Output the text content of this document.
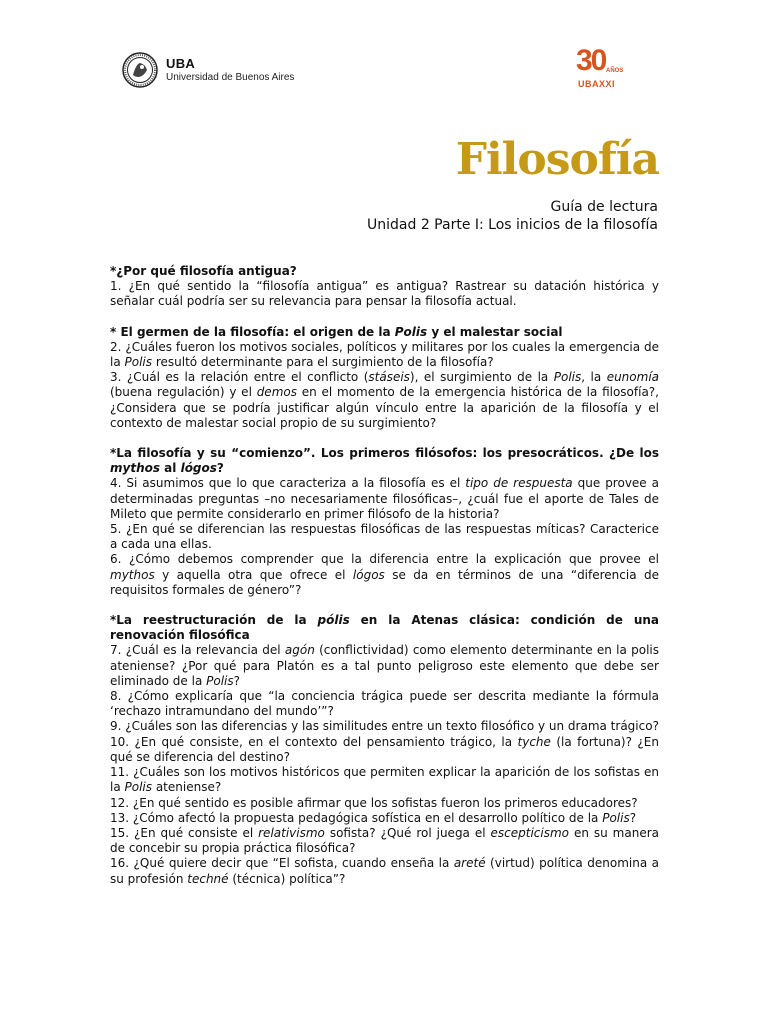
UBA
Universidad de Buenos Aires
30 AÑOS
UBAXXI
Filosofía
Guía de lectura
Unidad 2 Parte I: Los inicios de la filosofía
*¿Por qué filosofía antigua?
1. ¿En qué sentido la “filosofía antigua” es antigua? Rastrear su datación histórica y señalar cuál podría ser su relevancia para pensar la filosofía actual.
* El germen de la filosofía: el origen de la Polis y el malestar social
2. ¿Cuáles fueron los motivos sociales, políticos y militares por los cuales la emergencia de la Polis resultó determinante para el surgimiento de la filosofía?
3. ¿Cuál es la relación entre el conflicto (stáseis), el surgimiento de la Polis, la eunomía (buena regulación) y el demos en el momento de la emergencia histórica de la filosofía?, ¿Considera que se podría justificar algún vínculo entre la aparición de la filosofía y el contexto de malestar social propio de su surgimiento?
*La filosofía y su “comienzo”. Los primeros filósofos: los presocráticos. ¿De los mythos al lógos?
4. Si asumimos que lo que caracteriza a la filosofía es el tipo de respuesta que provee a determinadas preguntas –no necesariamente filosóficas–, ¿cuál fue el aporte de Tales de Mileto que permite considerarlo en primer filósofo de la historia?
5. ¿En qué se diferencian las respuestas filosóficas de las respuestas míticas? Caracterice a cada una ellas.
6. ¿Cómo debemos comprender que la diferencia entre la explicación que provee el mythos y aquella otra que ofrece el lógos se da en términos de una “diferencia de requisitos formales de género”?
*La reestructuración de la pólis en la Atenas clásica: condición de una renovación filosófica
7. ¿Cuál es la relevancia del agón (conflictividad) como elemento determinante en la polis ateniense? ¿Por qué para Platón es a tal punto peligroso este elemento que debe ser eliminado de la Polis?
8. ¿Cómo explicaría que “la conciencia trágica puede ser descrita mediante la fórmula ‘rechazo intramundano del mundo’”?
9. ¿Cuáles son las diferencias y las similitudes entre un texto filosófico y un drama trágico?
10. ¿En qué consiste, en el contexto del pensamiento trágico, la tyche (la fortuna)? ¿En qué se diferencia del destino?
11. ¿Cuáles son los motivos históricos que permiten explicar la aparición de los sofistas en la Polis ateniense?
12. ¿En qué sentido es posible afirmar que los sofistas fueron los primeros educadores?
13. ¿Cómo afectó la propuesta pedagógica sofística en el desarrollo político de la Polis?
15. ¿En qué consiste el relativismo sofista? ¿Qué rol juega el escepticismo en su manera de concebir su propia práctica filosófica?
16. ¿Qué quiere decir que “El sofista, cuando enseña la areté (virtud) política denomina a su profesión techné (técnica) política”?
